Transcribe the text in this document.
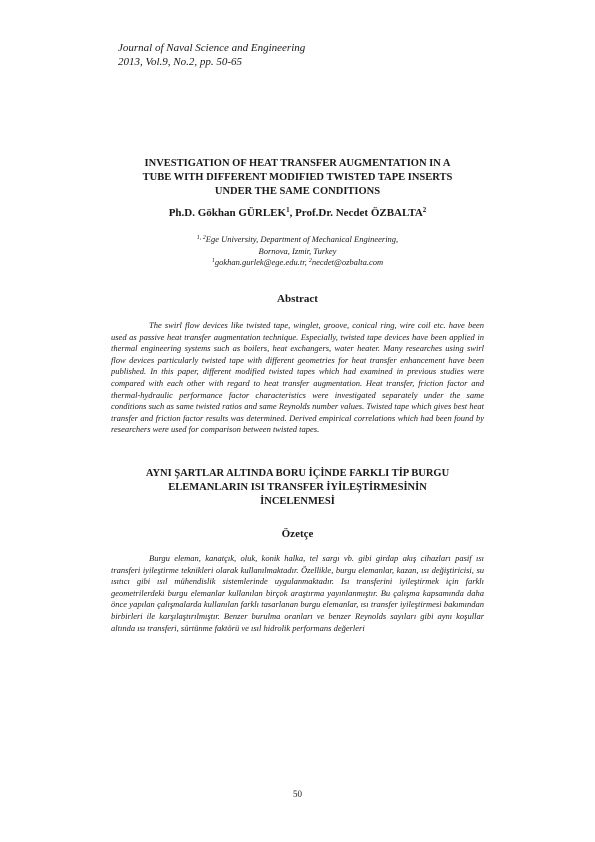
Journal of Naval Science and Engineering
2013, Vol.9, No.2, pp. 50-65
INVESTIGATION OF HEAT TRANSFER AUGMENTATION IN A
TUBE WITH DIFFERENT MODIFIED TWISTED TAPE INSERTS
UNDER THE SAME CONDITIONS
Ph.D. Gökhan GÜRLEK$^1$, Prof.Dr. Necdet ÖZBALTA$^2$
$^{1, 2}$Ege University, Department of Mechanical Engineering,
Bornova, Izmir, Turkey
$^1$gokhan.gurlek@ege.edu.tr, $^2$necdet@ozbalta.com
Abstract
The swirl flow devices like twisted tape, winglet, groove, conical ring, wire coil etc. have been used as passive heat transfer augmentation technique. Especially, twisted tape devices have been applied in thermal engineering systems such as boilers, heat exchangers, water heater. Many researches using swirl flow devices particularly twisted tape with different geometries for heat transfer enhancement have been published. In this paper, different modified twisted tapes which had examined in previous studies were compared with each other with regard to heat transfer augmentation. Heat transfer, friction factor and thermal-hydraulic performance factor characteristics were investigated separately under the same conditions such as same twisted ratios and same Reynolds number values. Twisted tape which gives best heat transfer and friction factor results was determined. Derived empirical correlations which had been found by researchers were used for comparison between twisted tapes.
AYNI ŞARTLAR ALTINDA BORU İÇİNDE FARKLI TİP BURGU
ELEMANLARIN ISI TRANSFER İYİLEŞTİRMESİNİN
İNCELENMESİ
Özetçe
Burgu eleman, kanatçık, oluk, konik halka, tel sargı vb. gibi girdap akış cihazları pasif ısı transferi iyileştirme teknikleri olarak kullanılmaktadır. Özellikle, burgu elemanlar, kazan, ısı değiştiricisi, su ısıtıcı gibi ısıl mühendislik sistemlerinde uygulanmaktadır. Isı transferini iyileştirmek için farklı geometrilerdeki burgu elemanlar kullanılan birçok araştırma yayınlanmıştır. Bu çalışma kapsamında daha önce yapılan çalışmalarda kullanılan farklı tasarlanan burgu elemanlar, ısı transfer iyileştirmesi bakımından birbirleri ile karşılaştırılmıştır. Benzer burulma oranları ve benzer Reynolds sayıları gibi aynı koşullar altında ısı transferi, sürtünme faktörü ve ısıl hidrolik performans değerleri
50
